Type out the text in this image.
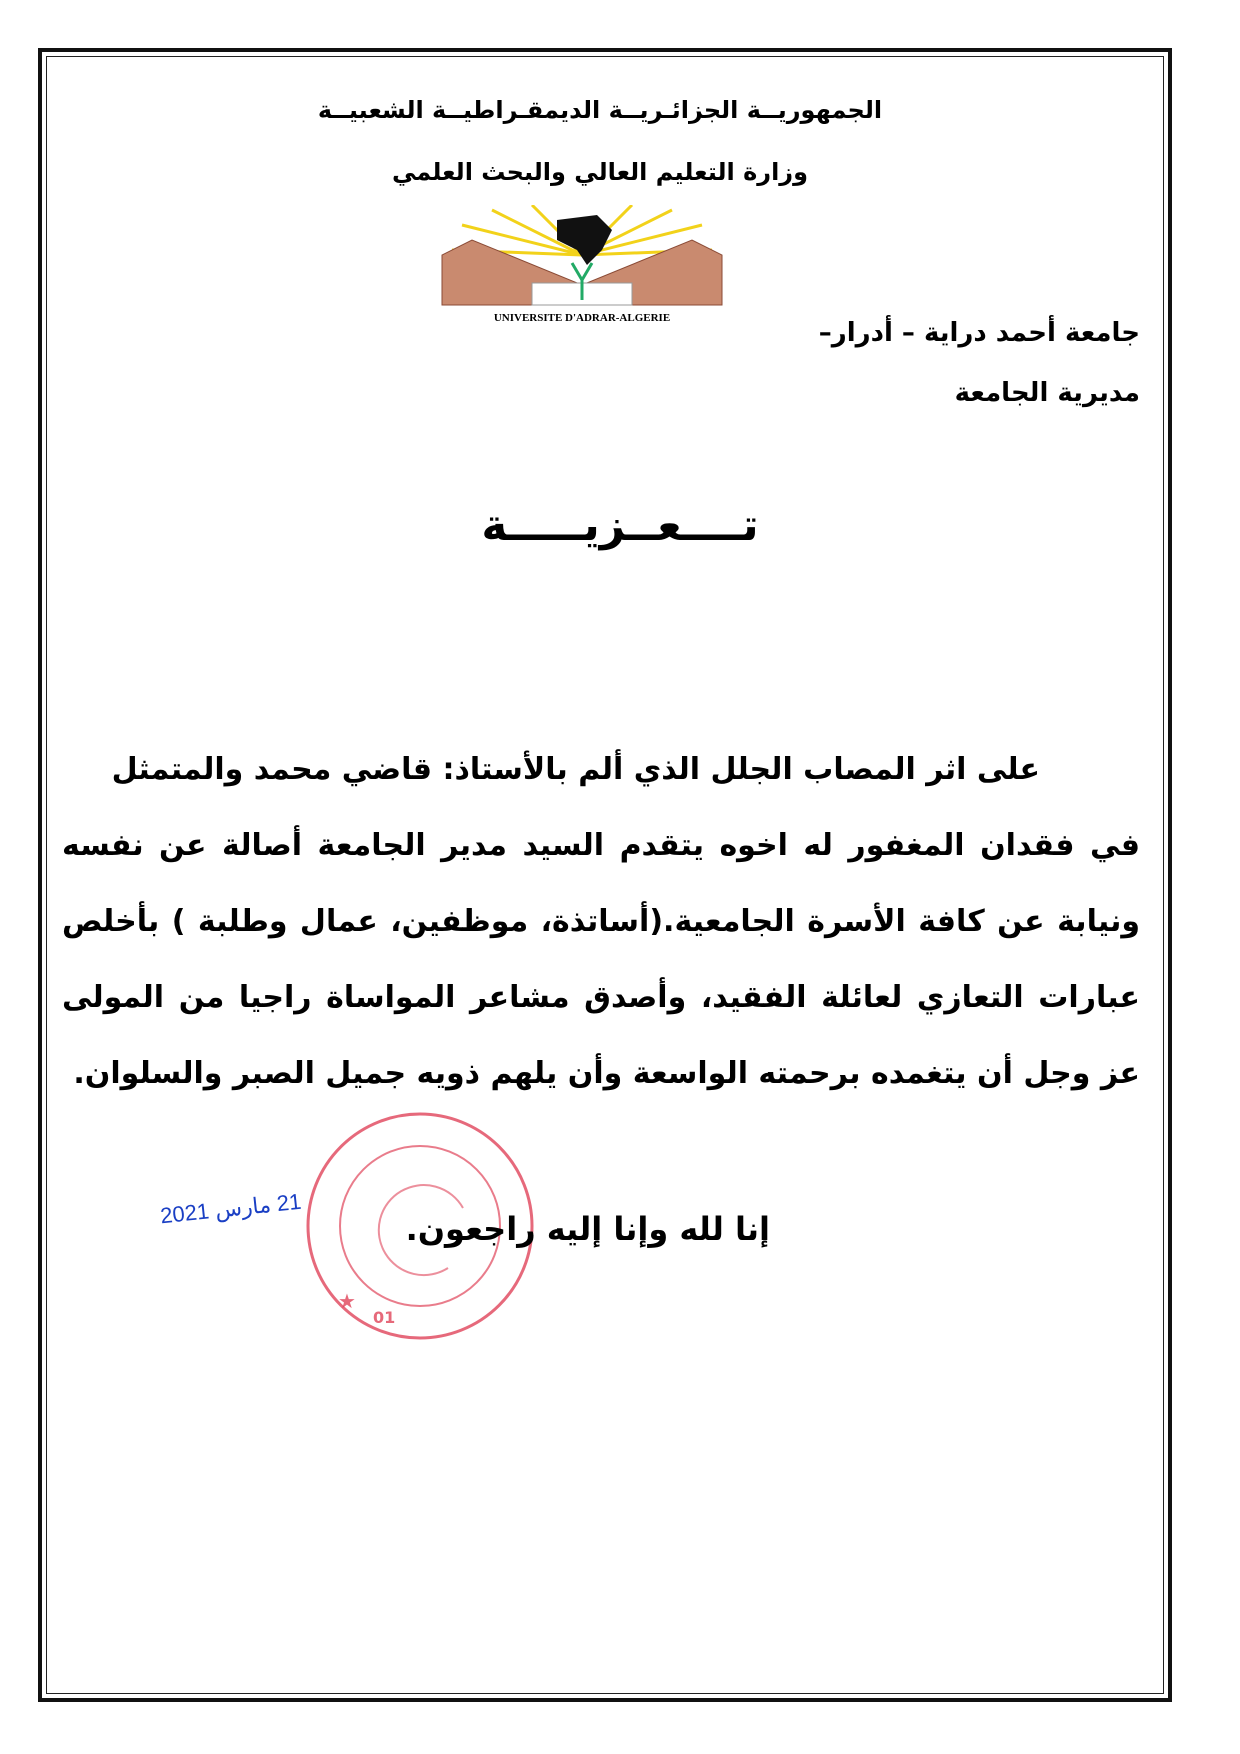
الجمهوريــة الجزائـريــة الديمقـراطيــة الشعبيــة
وزارة التعليم العالي والبحث العلمي
UNIVERSITE D'ADRAR-ALGERIE	جامعة أحمد دراية – أدرار–
مديرية الجامعة
تــــعــزيـــــة
على اثر المصاب الجلل الذي ألم بالأستاذ: قاضي محمد والمتمثل
في فقدان المغفور له اخوه يتقدم السيد مدير الجامعة أصالة عن نفسه
ونيابة عن كافة الأسرة الجامعية.(أساتذة، موظفين، عمال وطلبة ) بأخلص
عبارات التعازي لعائلة الفقيد، وأصدق مشاعر المواساة راجيا من المولى
عز وجل أن يتغمده برحمته الواسعة وأن يلهم ذويه جميل الصبر والسلوان.
★
01
إنا لله وإنا إليه راجعون.
21 مارس 2021
